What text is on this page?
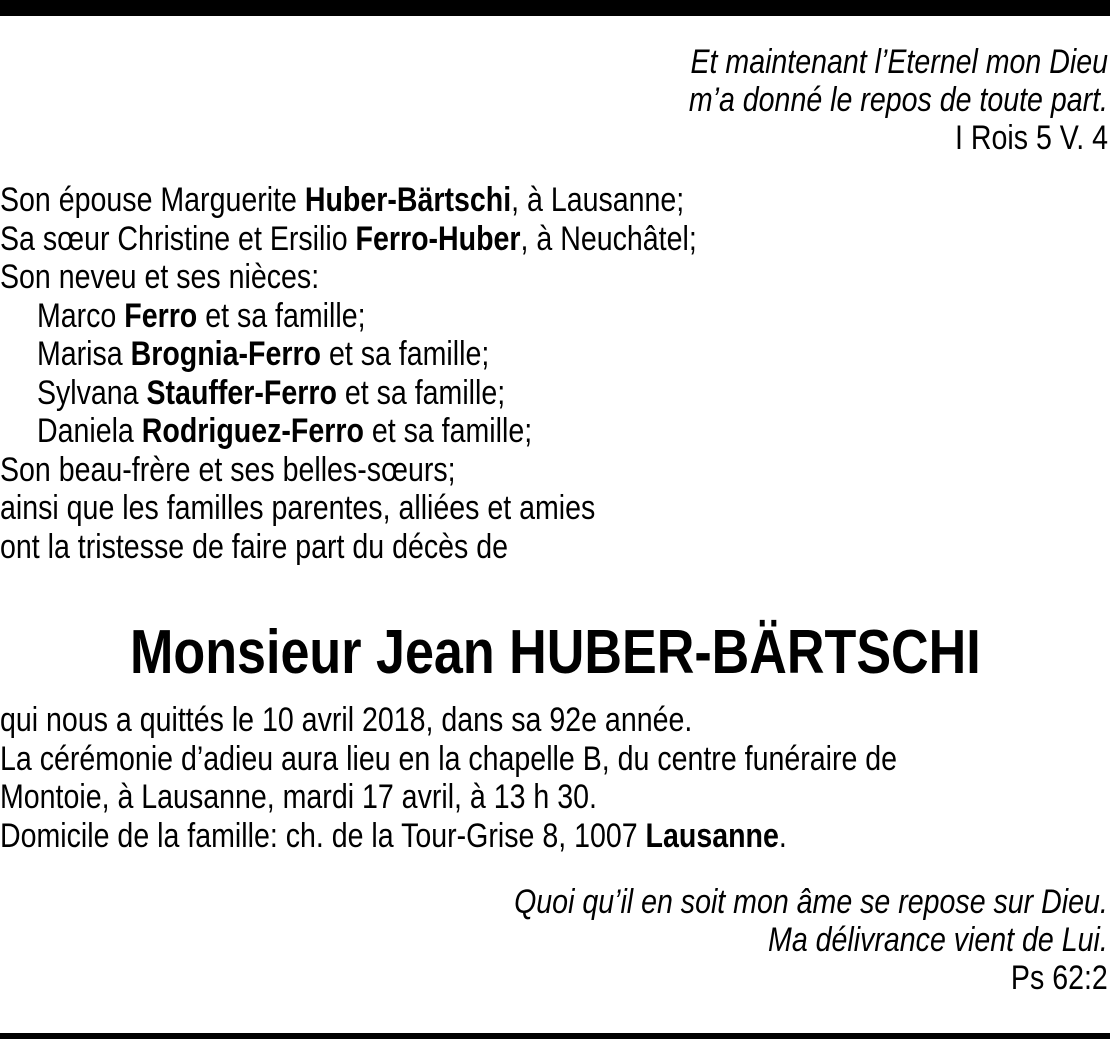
Et maintenant l’Eternel mon Dieu
m’a donné le repos de toute part.
I Rois 5 V. 4
Son épouse Marguerite Huber-Bärtschi, à Lausanne;
Sa sœur Christine et Ersilio Ferro-Huber, à Neuchâtel;
Son neveu et ses nièces:
Marco Ferro et sa famille;
Marisa Brognia-Ferro et sa famille;
Sylvana Stauffer-Ferro et sa famille;
Daniela Rodriguez-Ferro et sa famille;
Son beau-frère et ses belles-sœurs;
ainsi que les familles parentes, alliées et amies
ont la tristesse de faire part du décès de
Monsieur Jean HUBER-BÄRTSCHI
qui nous a quittés le 10 avril 2018, dans sa 92e année.
La cérémonie d’adieu aura lieu en la chapelle B, du centre funéraire de
Montoie, à Lausanne, mardi 17 avril, à 13 h 30.
Domicile de la famille: ch. de la Tour-Grise 8, 1007 Lausanne.
Quoi qu’il en soit mon âme se repose sur Dieu.
Ma délivrance vient de Lui.
Ps 62:2
